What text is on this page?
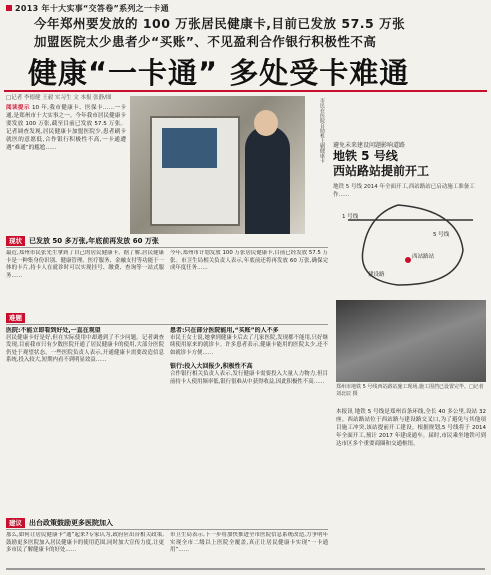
2013 年十大实事“交答卷”系列之一卡通
今年郑州要发放的 100 万张居民健康卡,目前已发放 57.5 万张
加盟医院太少患者少“买账”、不见盈利合作银行积极性不高
健康“一卡通” 多处受卡难通
□记者 李德健 王毅 实习生 文 本报 张静/图
阅读提示 10 年,我市健康卡、医保卡……一卡通,是郑州市十大实事之一。今年我市居民健康卡要发放 100 万张,截至目前已发放 57.5 万张。记者调查发现,居民健康卡加盟医院少,患者刷卡就医的意愿低,合作银行积极性不高,一卡通遭遇“难通”的尴尬……	市民在医院自助机上刷健康卡 避免未来建设问题影响道路
地铁 5 号线
西站路站提前开工
地铁 5 号线 2014 年全面开工,西站路站已启动施工准备工作……
1 号线
5 号线
西站路站
建设路
郑州市地铁 5 号线西站路站施工现场,施工围挡已设置完毕。□记者 刘北辰 摄
本报讯 地铁 5 号线是郑州首条环线,全长 40 多公里,设站 32 座。西站路站位于西站路与建设路交叉口,为了避免与其他项目施工冲突,该站提前开工建设。根据规划,5 号线将于 2014 年全面开工,预计 2017 年建成通车。届时,市民乘坐地铁可到达市区多个重要商圈和交通枢纽。
现状	已发放 50 多万张,年底前再发放 60 万张
最近,郑州市民张先生拿到了自己的居民健康卡。据了解,居民健康卡是一种集身份识别、健康管理、医疗服务、金融支付等功能于一体的卡片,持卡人在就诊时可以实现挂号、缴费、查询等一站式服务……
今年,郑州市计划发放 100 万张居民健康卡,目前已经发放 57.5 万张。市卫生局相关负责人表示,年底前还将再发放 60 万张,确保完成年度任务……
难题
医院:不能立即看到好处,一直在观望
居民健康卡好是好,但在实际使用中却遇到了不少问题。记者调查发现,目前我市只有少数医院开通了居民健康卡的使用,大部分医院仍处于观望状态。一些医院负责人表示,开通健康卡需要改造信息系统,投入较大,短期内看不到明显效益……
患者:只在部分医院能用,“买账”的人不多
市民王女士说,她拿到健康卡后去了几家医院,发现都不能用,只好继续使用原来的就诊卡。许多患者表示,健康卡能用的医院太少,还不如就诊卡方便……
银行:投入大回报少,积极性不高
合作银行相关负责人表示,发行健康卡需要投入大量人力物力,但目前持卡人使用频率低,银行很难从中获得收益,因此积极性不高……
建议	出台政策鼓励更多医院加入
那么,如何让居民健康卡“通”起来?专家认为,政府应出台相关政策,鼓励更多医院加入居民健康卡的使用范围,同时加大宣传力度,让更多市民了解健康卡的好处……
市卫生局表示,下一步将加快推进全市医院信息系统改造,力争明年实现全市二级以上医院全覆盖,真正让居民健康卡实现“一卡通用”……
